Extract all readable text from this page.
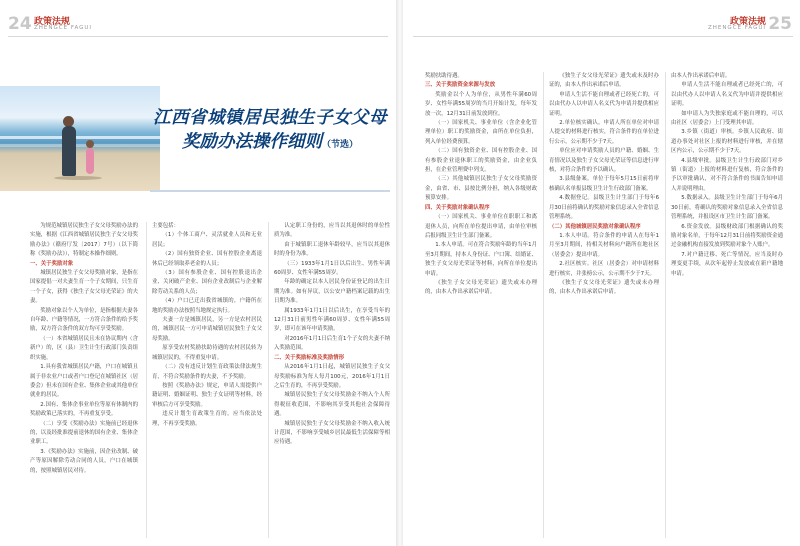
24 政策法规
ZHENGCE FAGUI
江西省城镇居民独生子女父母
奖励办法操作细则（节选）

为规范城镇居民独生子女父母奖励办法的实施，根据《江西省城镇居民独生子女父母奖励办法》（赣府厅发〔2017〕7号）（以下简称《奖励办法》），特制定本操作细则。

一、关于奖励对象

城镇居民独生子女父母奖励对象，是指在国家提倡一对夫妻生育一个子女期间，只生育一个子女，获得《独生子女父母光荣证》的夫妻。

奖励对象以个人为单位，是指根据夫妻各自年龄、户籍等情况，一方符合条件的给予奖励，双方符合条件的双方均可享受奖励。

（一）本省城镇居民且未在协议期内（含新户）的，区（县）卫生计生行政部门负责组织实施。

1.具有我省城镇居民户籍，户口在城镇且属于非农业户口或者户口登记在城镇社区（居委会）但未在国有企业、集体企业或其他单位就业的居民。

2.国有、集体企事业单位等原有体制内的奖励政策已落实的，不再重复享受。

（二）享受《奖励办法》实施前已经退休的，以及经批准提前退休的国有企业、集体企业职工。

3.《奖励办法》实施前，因企业改制、破产等原因解除劳动合同的人员，户口在城镇的，按照城镇居民对待。

主要包括：

（1）个体工商户、灵活就业人员和无业居民；

（2）国有独资企业、国有控股企业离退休后已经领取养老金的人员；

（3）国有参股企业、国有控股退出企业、关闭破产企业、国有企业改制后与企业解除劳动关系的人员；

（4）户口已迁出我省城镇的，户籍所在地的奖励办法按照当地规定执行。

夫妻一方是城镇居民，另一方是农村居民的，城镇居民一方可申请城镇居民独生子女父母奖励。

原享受农村奖励扶助待遇的农村居民转为城镇居民的，不得重复申请。

（二）没有违反计划生育政策法律法规生育，不符合奖励条件的夫妻，不予奖励。

按照《奖励办法》规定，申请人需提供户籍证明、婚姻证明、独生子女证明等材料，经审核后方可享受奖励。

违反计划生育政策生育的，应当依法处理，不再享受奖励。

认定职工身份的，应当以其退休时的单位性质为准。

由于城镇职工退休年龄较早，应当以其退休时的身份为准。

（三）1933年1月1日以后出生、男性年满60周岁、女性年满55周岁。

年龄的确定以本人居民身份证登记的出生日期为准。如有异议，以公安户籍档案记载的出生日期为准。

属1933年1月1日以后出生，在享受当年的12月31日前男性年满60周岁、女性年满55周岁，即可在该年申请奖励。

对2016年1月1日后生育1个子女的夫妻不纳入奖励范围。

二、关于奖励标准及奖励情形

从2016年1月1日起，城镇居民独生子女父母奖励标准为每人每月100元，2016年1月1日之后生育的，不再享受奖励。

城镇居民独生子女父母奖励金不纳入个人所得税征收范围，不影响其享受其他社会保障待遇。

城镇居民独生子女父母奖励金不纳入收入统计范围，不影响享受城乡居民最低生活保障等相应待遇。

25
政策法规
ZHENGCE FAGUI

奖励扶助待遇。

三、关于奖励资金来源与发放

奖励金以个人为单位，从男性年满60周岁、女性年满55周岁的当月开始计发，每年发放一次，12月31日前发放到位。

（一）国家机关、事业单位（含企业化管理单位）职工的奖励资金，由所在单位负担，列入单位经费预算。

（二）国有独资企业、国有控股企业、国有参股企业退休职工的奖励资金，由企业负担，在企业管理费中列支。

（三）其他城镇居民独生子女父母奖励资金，由省、市、县按比例分担，纳入各级财政预算安排。

四、关于奖励对象确认程序

（一）国家机关、事业单位在职职工和离退休人员，向所在单位提出申请，由单位审核后报同级卫生计生部门备案。

1.本人申请。可在符合奖励年龄的当年1月至3月期间，持本人身份证、户口簿、结婚证、独生子女父母光荣证等材料，向所在单位提出申请。

《独生子女父母光荣证》遗失或未办理的，由本人作出承诺后申请。

《独生子女父母光荣证》遗失或未及时办证的，由本人作出承诺后申请。

申请人生活不能自理或者已经死亡的，可以由代办人以申请人名义代为申请并提供相应证明。

2.单位核实确认。申请人所在单位对申请人提交的材料进行核实，符合条件的在单位进行公示，公示期不少于7天。

单位应对申请奖励人员的户籍、婚姻、生育情况以及独生子女父母光荣证等信息进行审核，对符合条件的予以确认。

3.县级备案。单位于每年5月15日前将审核确认名单报县级卫生计生行政部门备案。

4.数据登记。县级卫生计生部门于每年6月30日前将确认的奖励对象信息录入全省信息管理系统。

（二）其他城镇居民奖励对象确认程序

1.本人申请。符合条件的申请人在每年1月至3月期间，持相关材料向户籍所在地社区（居委会）提出申请。

2.社区核实。社区（居委会）对申请材料进行核实，并张榜公示，公示期不少于7天。

《独生子女父母光荣证》遗失或未办理的，由本人作出承诺后申请。

由本人作出承诺后申请。

申请人生活不能自理或者已经死亡的，可以由代办人以申请人名义代为申请并提供相应证明。

如申请人为失独家庭或不能自理的，可以由社区（居委会）上门受理其申请。

3.乡镇（街道）审核。乡镇人民政府、街道办事处对社区上报的材料进行审核，并在辖区内公示，公示期不少于7天。

4.县级审批。县级卫生计生行政部门对乡镇（街道）上报的材料进行复核，符合条件的予以审批确认，对不符合条件的书面告知申请人并说明理由。

5.数据录入。县级卫生计生部门于每年6月30日前，将确认的奖励对象信息录入全省信息管理系统，并报设区市卫生计生部门备案。

6.资金发放。县级财政部门根据确认的奖励对象名单，于每年12月31日前将奖励资金通过金融机构直接发放到奖励对象个人账户。

7.对户籍迁移、死亡等情况，应当及时办理变更手续，从次年起停止发放或在新户籍地申请。
